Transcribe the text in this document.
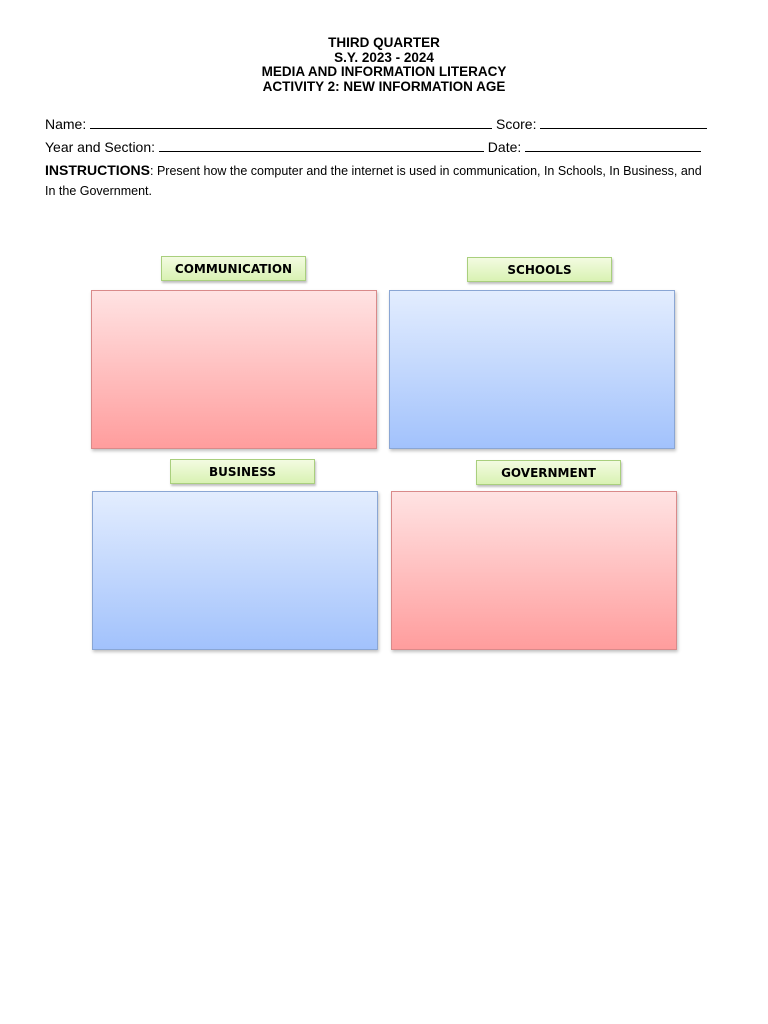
THIRD QUARTER
S.Y. 2023 - 2024
MEDIA AND INFORMATION LITERACY
ACTIVITY 2: NEW INFORMATION AGE
Name:	Score:
Year and Section:	Date:
INSTRUCTIONS: Present how the computer and the internet is used in communication, In Schools, In Business, and In the Government.
COMMUNICATION	SCHOOLS
BUSINESS	GOVERNMENT
